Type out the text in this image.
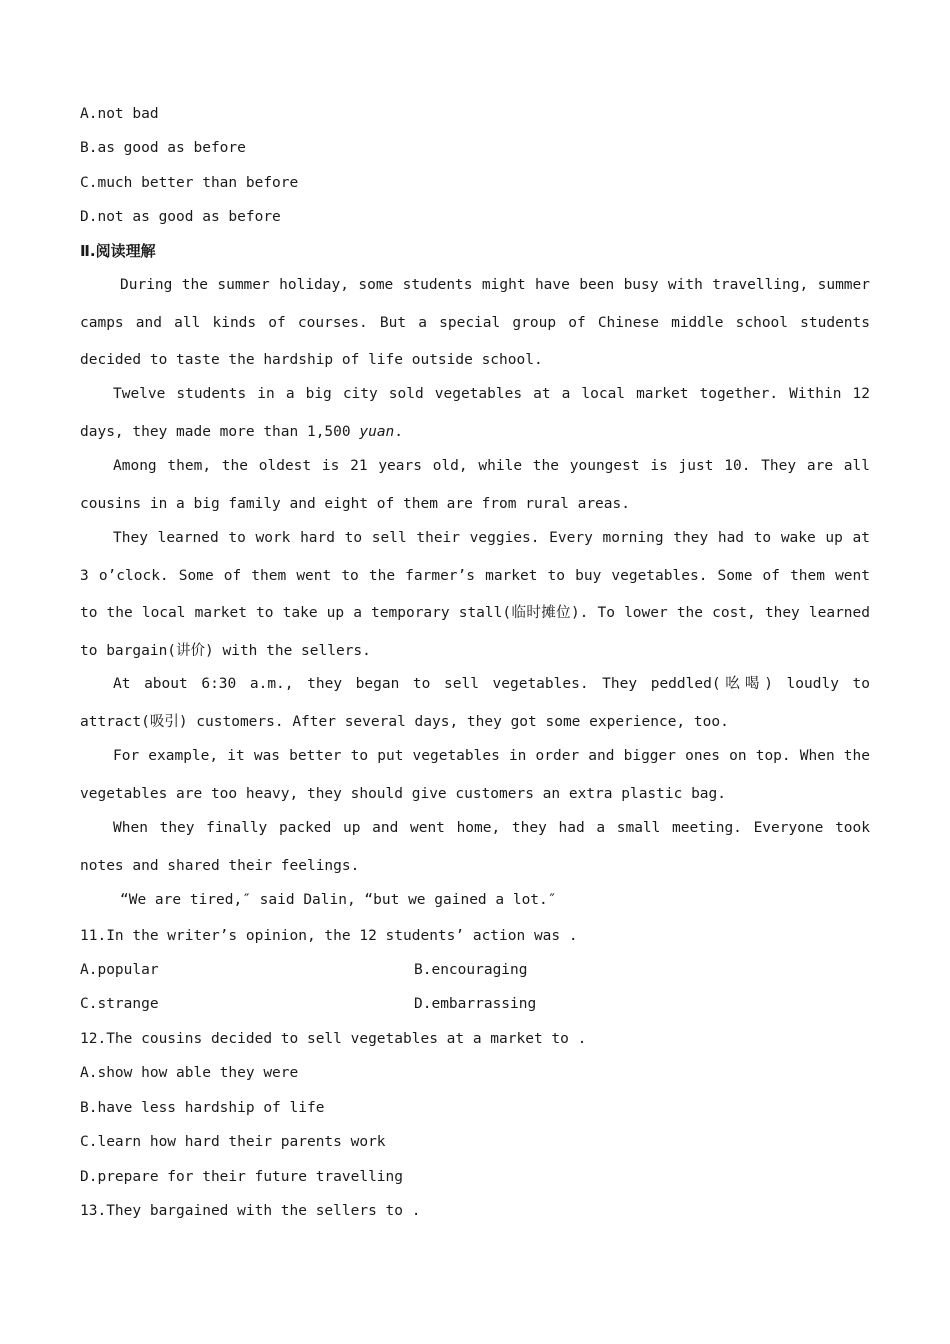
A.not bad
B.as good as before
C.much better than before
D.not as good as before
Ⅱ.阅读理解
During the summer holiday, some students might have been busy with travelling, summer camps and all kinds of courses. But a special group of Chinese middle school students decided to taste the hardship of life outside school.
Twelve students in a big city sold vegetables at a local market together. Within 12 days, they made more than 1,500 yuan.
Among them, the oldest is 21 years old, while the youngest is just 10. They are all cousins in a big family and eight of them are from rural areas.
They learned to work hard to sell their veggies. Every morning they had to wake up at 3 o’clock. Some of them went to the farmer’s market to buy vegetables. Some of them went to the local market to take up a temporary stall(临时摊位). To lower the cost, they learned to bargain(讲价) with the sellers.
At about 6:30 a.m., they began to sell vegetables. They peddled(吆喝) loudly to attract(吸引) customers. After several days, they got some experience, too.
For example, it was better to put vegetables in order and bigger ones on top. When the vegetables are too heavy, they should give customers an extra plastic bag.
When they finally packed up and went home, they had a small meeting. Everyone took notes and shared their feelings.
“We are tired,″ said Dalin, “but we gained a lot.″
11.In the writer’s opinion, the 12 students’ action was .
A.popular	B.encouraging
C.strange	D.embarrassing
12.The cousins decided to sell vegetables at a market to .
A.show how able they were
B.have less hardship of life
C.learn how hard their parents work
D.prepare for their future travelling
13.They bargained with the sellers to .
